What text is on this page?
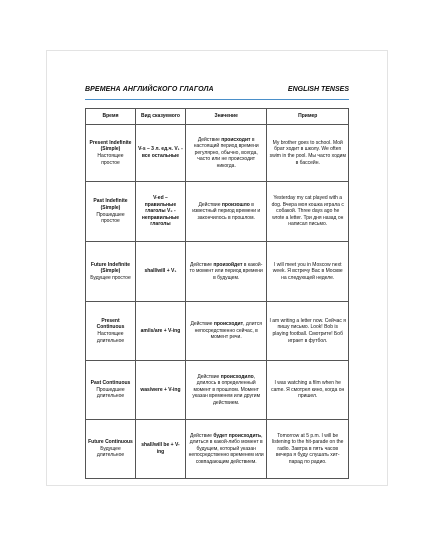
ВРЕМЕНА АНГЛИЙСКОГО ГЛАГОЛА	ENGLISH TENSES
Время	Вид сказуемого	Значение	Пример

Present Indefinite (Simple)
Настоящее простое	V-s – 3 л. ед.ч. V₁ - все остальные	Действие происходит в настоящий период времени регулярно, обычно, всегда, часто или не происходит никогда.	My brother goes to school. Мой брат ходит в школу. We often swim in the pool. Мы часто ходим в бассейн.

Past Indefinite (Simple)
Прошедшее простое	V-ed – правильные глаголы V₂ - неправильные глаголы	Действие произошло в известный период времени и закончилось в прошлом.	Yesterday my cat played with a dog. Вчера моя кошка играла с собакой. Three days ago he wrote a letter. Три дня назад он написал письмо.

Future Indefinite (Simple)
Будущее простое	shall/will + V₁	Действие произойдет в какой-то момент или период времени в будущем.	I will meet you in Moscow next week. Я встречу Вас в Москве на следующей неделе.

Present Continuous
Настоящее длительное	am/is/are + V-ing	Действие происходит, длится непосредственно сейчас, в момент речи.	I am writing a letter now. Сейчас я пишу письмо. Look! Bob is playing football. Смотрите! Боб играет в футбол.

Past Continuous
Прошедшее длительное	was/were + V-ing	Действие происходило, длилось в определенный момент в прошлом. Момент указан временем или другим действием.	I was watching a film when he came. Я смотрел кино, когда он пришел.

Future Continuous
Будущее длительное	shall/will be + V-ing	Действие будет происходить, длиться в какой-либо момент в будущем, который указан непосредственно временем или совпадающим действием.	Tomorrow at 5 p.m. I will be listening to the hit-parade on the radio. Завтра в пять часов вечера я буду слушать хит-парад по радио.
